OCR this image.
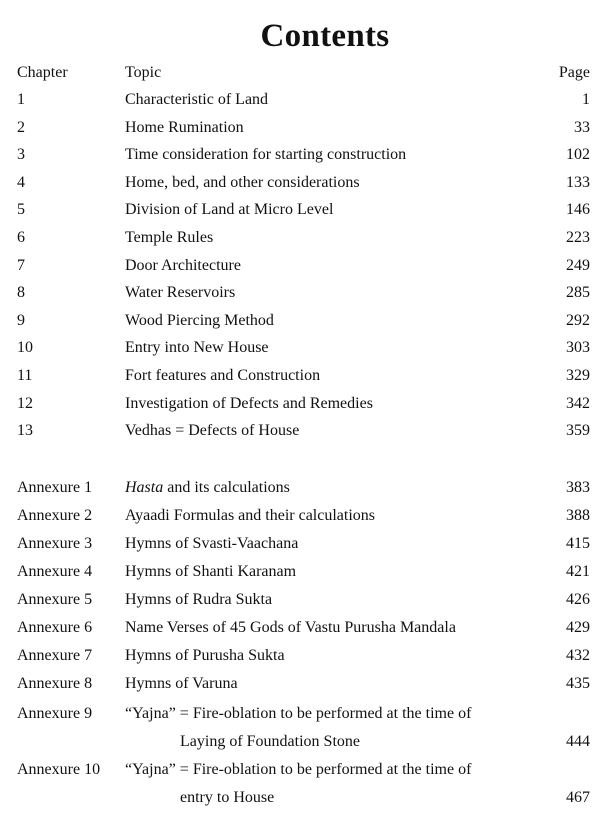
Contents
Chapter	Topic	Page
1	Characteristic of Land	1
2	Home Rumination	33
3	Time consideration for starting construction	102
4	Home, bed, and other considerations	133
5	Division of Land at Micro Level	146
6	Temple Rules	223
7	Door Architecture	249
8	Water Reservoirs	285
9	Wood Piercing Method	292
10	Entry into New House	303
11	Fort features and Construction	329
12	Investigation of Defects and Remedies	342
13	Vedhas = Defects of House	359
Annexure 1 Hasta and its calculations	383
Annexure 2 Ayaadi Formulas and their calculations	388
Annexure 3 Hymns of Svasti-Vaachana	415
Annexure 4 Hymns of Shanti Karanam	421
Annexure 5 Hymns of Rudra Sukta	426
Annexure 6 Name Verses of 45 Gods of Vastu Purusha Mandala	429
Annexure 7 Hymns of Purusha Sukta	432
Annexure 8 Hymns of Varuna	435
Annexure 9 “Yajna” = Fire-oblation to be performed at the time of
Laying of Foundation Stone	444
Annexure 10 “Yajna” = Fire-oblation to be performed at the time of
entry to House	467
